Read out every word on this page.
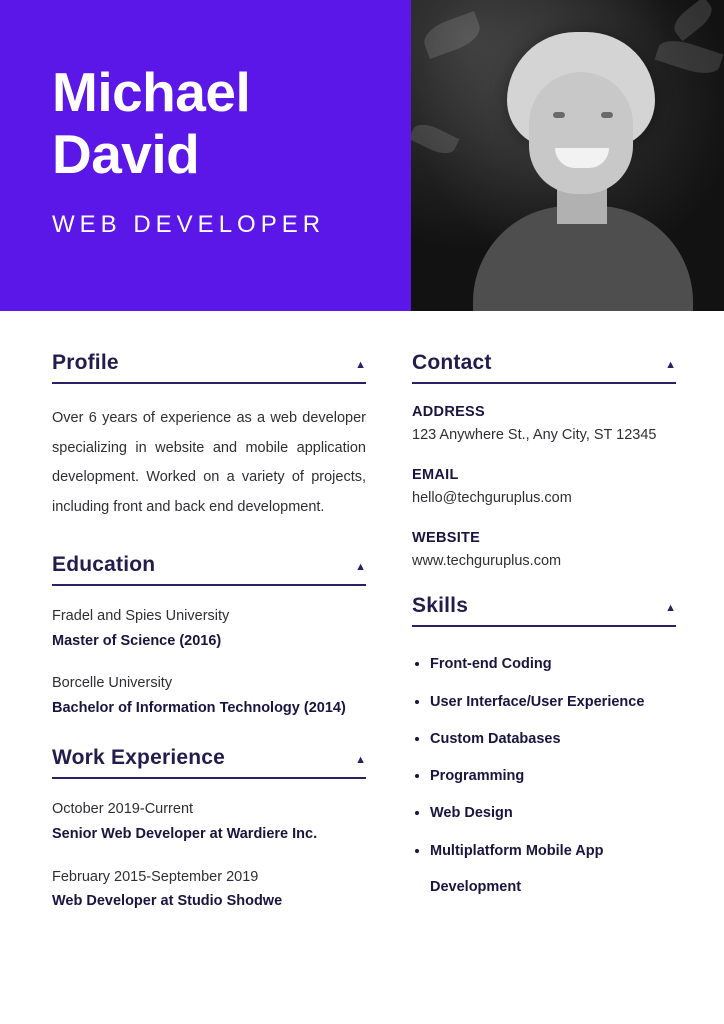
Michael
David
WEB DEVELOPER
Profile	▲

Over 6 years of experience as a web developer specializing in website and mobile application development. Worked on a variety of projects, including front and back end development.

Education	▲
Fradel and Spies University
Master of Science (2016)
Borcelle University
Bachelor of Information Technology (2014)
Work Experience	▲
October 2019-Current
Senior Web Developer at Wardiere Inc.
February 2015-September 2019
Web Developer at Studio Shodwe
Contact	▲
ADDRESS
123 Anywhere St., Any City, ST 12345
EMAIL
hello@techguruplus.com
WEBSITE
www.techguruplus.com
Skills	▲
• Front-end Coding
• User Interface/User Experience
• Custom Databases
• Programming
• Web Design
• Multiplatform Mobile App Development
